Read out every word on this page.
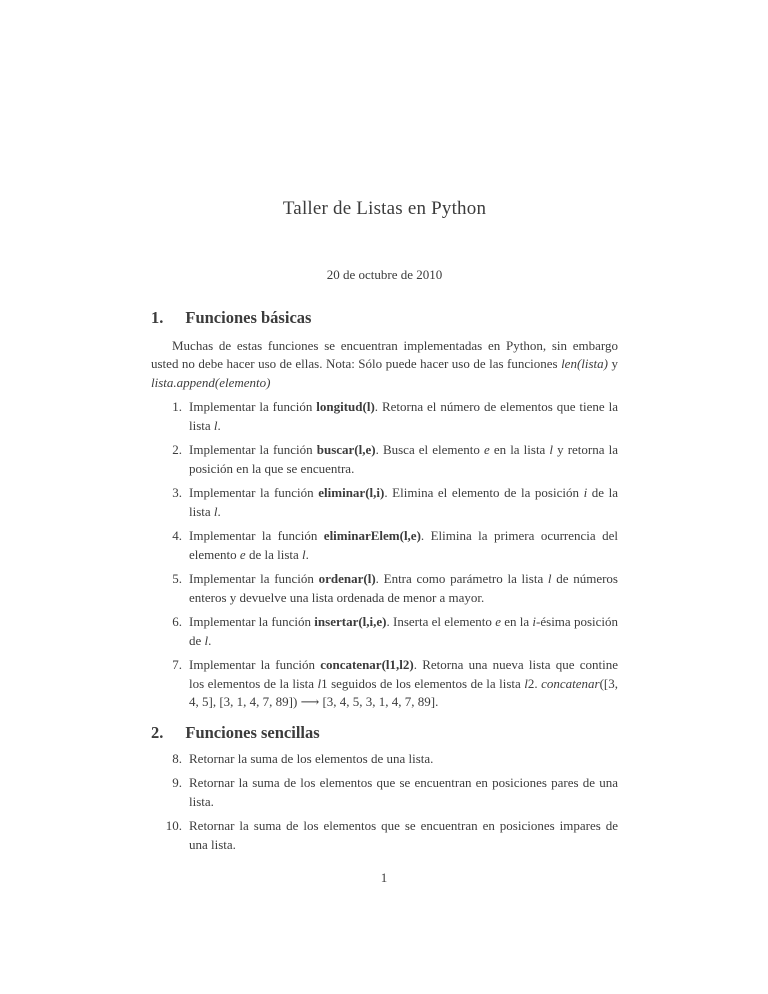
Taller de Listas en Python
20 de octubre de 2010
1. Funciones básicas

Muchas de estas funciones se encuentran implementadas en Python, sin embargo usted no debe hacer uso de ellas. Nota: Sólo puede hacer uso de las funciones len(lista) y lista.append(elemento)

1. Implementar la función longitud(l). Retorna el número de elementos que tiene la lista l.
2. Implementar la función buscar(l,e). Busca el elemento e en la lista l y retorna la posición en la que se encuentra.
3. Implementar la función eliminar(l,i). Elimina el elemento de la posición i de la lista l.
4. Implementar la función eliminarElem(l,e). Elimina la primera ocurrencia del elemento e de la lista l.
5. Implementar la función ordenar(l). Entra como parámetro la lista l de números enteros y devuelve una lista ordenada de menor a mayor.
6. Implementar la función insertar(l,i,e). Inserta el elemento e en la i-ésima posición de l.
7. Implementar la función concatenar(l1,l2). Retorna una nueva lista que contine los elementos de la lista l1 seguidos de los elementos de la lista l2. concatenar([3, 4, 5], [3, 1, 4, 7, 89]) ⟶ [3, 4, 5, 3, 1, 4, 7, 89].
2. Funciones sencillas
8. Retornar la suma de los elementos de una lista.
9. Retornar la suma de los elementos que se encuentran en posiciones pares de una lista.
10. Retornar la suma de los elementos que se encuentran en posiciones impares de una lista.
1
